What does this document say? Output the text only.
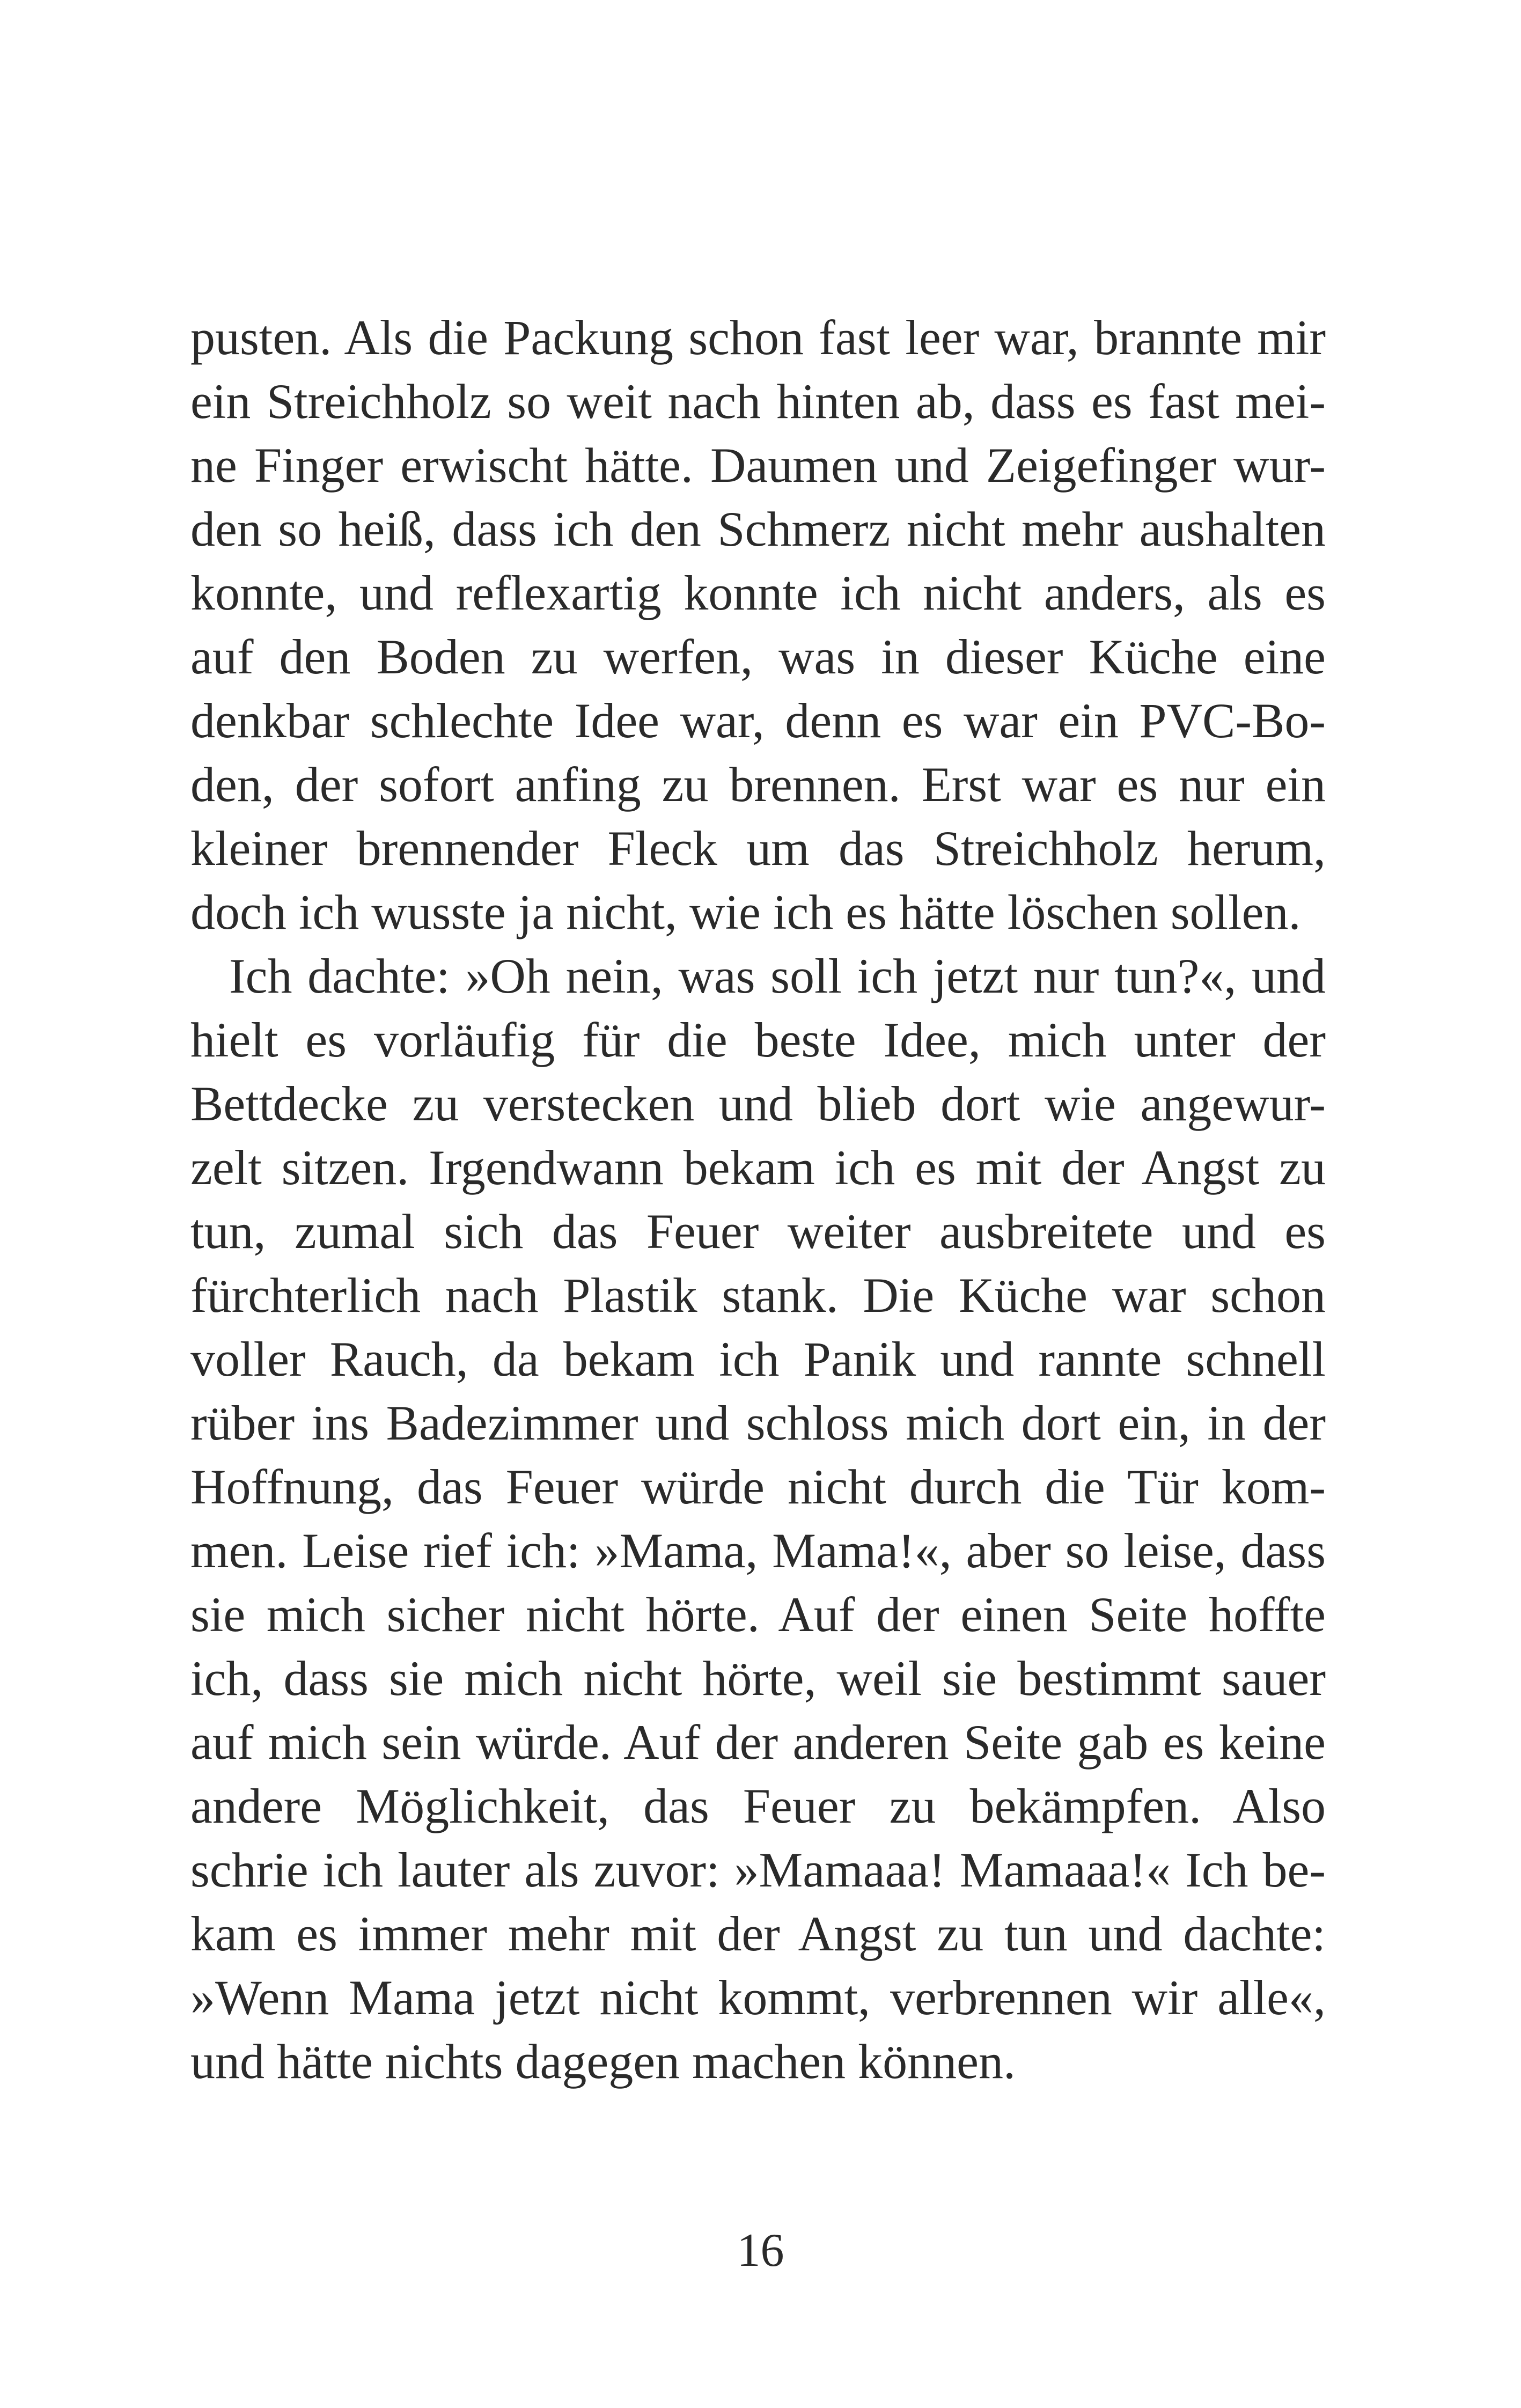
pusten. Als die Packung schon fast leer war, brannte mir
ein Streichholz so weit nach hinten ab, dass es fast mei-
ne Finger erwischt hätte. Daumen und Zeigefinger wur-
den so heiß, dass ich den Schmerz nicht mehr aushalten
konnte, und reflexartig konnte ich nicht anders, als es
auf den Boden zu werfen, was in dieser Küche eine
denkbar schlechte Idee war, denn es war ein PVC-Bo-
den, der sofort anfing zu brennen. Erst war es nur ein
kleiner brennender Fleck um das Streichholz herum,
doch ich wusste ja nicht, wie ich es hätte löschen sollen.
Ich dachte: »Oh nein, was soll ich jetzt nur tun?«, und
hielt es vorläufig für die beste Idee, mich unter der
Bettdecke zu verstecken und blieb dort wie angewur-
zelt sitzen. Irgendwann bekam ich es mit der Angst zu
tun, zumal sich das Feuer weiter ausbreitete und es
fürchterlich nach Plastik stank. Die Küche war schon
voller Rauch, da bekam ich Panik und rannte schnell
rüber ins Badezimmer und schloss mich dort ein, in der
Hoffnung, das Feuer würde nicht durch die Tür kom-
men. Leise rief ich: »Mama, Mama!«, aber so leise, dass
sie mich sicher nicht hörte. Auf der einen Seite hoffte
ich, dass sie mich nicht hörte, weil sie bestimmt sauer
auf mich sein würde. Auf der anderen Seite gab es keine
andere Möglichkeit, das Feuer zu bekämpfen. Also
schrie ich lauter als zuvor: »Mamaaa! Mamaaa!« Ich be-
kam es immer mehr mit der Angst zu tun und dachte:
»Wenn Mama jetzt nicht kommt, verbrennen wir alle«,
und hätte nichts dagegen machen können.
16
